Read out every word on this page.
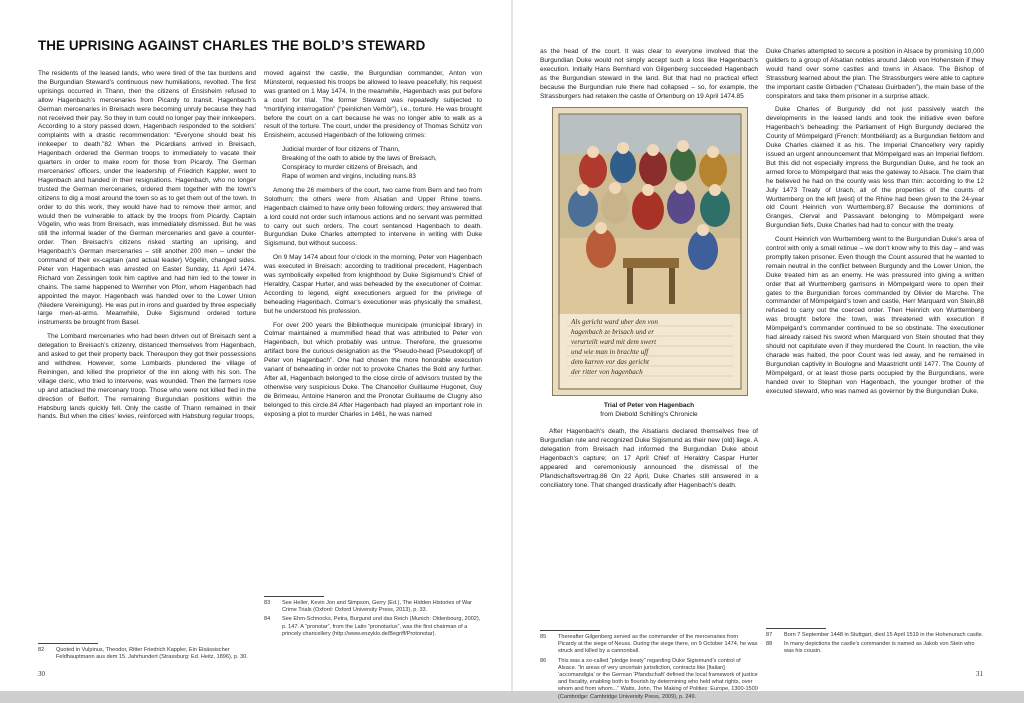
THE UPRISING AGAINST CHARLES THE BOLD’S STEWARD

The residents of the leased lands, who were tired of the tax burdens and the Burgundian Steward’s continuous new humiliations, revolted. The first uprisings occurred in Thann, then the citizens of Ensisheim refused to allow Hagenbach’s mercenaries from Picardy to transit. Hagenbach’s German mercenaries in Breisach were becoming unruly because they had not received their pay. So they in turn could no longer pay their innkeepers. According to a story passed down, Hagenbach responded to the soldiers’ complaints with a drastic recommendation: “Everyone should beat his innkeeper to death.”82 When the Picardians arrived in Breisach, Hagenbach ordered the German troops to immediately to vacate their quarters in order to make room for those from Picardy. The German mercenaries’ officers, under the leadership of Friedrich Kappler, went to Hagenbach and handed in their resignations. Hagenbach, who no longer trusted the German mercenaries, ordered them together with the town’s citizens to dig a moat around the town so as to get them out of the town. In order to do this work, they would have had to remove their armor, and would then be vulnerable to attack by the troops from Picardy. Captain Vögelin, who was from Breisach, was immediately dismissed. But he was still the informal leader of the German mercenaries and gave a counter-order. Then Breisach’s citizens risked starting an uprising, and Hagenbach’s German mercenaries – still another 200 men – under the command of their ex-captain (and actual leader) Vögelin, changed sides. Peter von Hagenbach was arrested on Easter Sunday, 11 April 1474. Richard von Zessingen took him captive and had him led to the tower in chains. The same happened to Wernher von Pforr, whom Hagenbach had appointed the mayor. Hagenbach was handed over to the Lower Union (Niedere Vereinigung). He was put in irons and guarded by three especially large men-at-arms. Meanwhile, Duke Sigismund ordered torture instruments be brought from Basel.

The Lombard mercenaries who had been driven out of Breisach sent a delegation to Breisach’s citizenry, distanced themselves from Hagenbach, and asked to get their property back. Thereupon they got their possessions and withdrew. However, some Lombards plundered the village of Reiningen, and killed the proprietor of the inn along with his son. The village cleric, who tried to intervene, was wounded. Then the farmers rose up and attacked the mercenary troop. Those who were not killed fled in the direction of Belfort. The remaining Burgundian positions within the Habsburg lands quickly fell. Only the castle of Thann remained in their hands. But when the cities’ levies, reinforced with Habsburg regular troops,

moved against the castle, the Burgundian commander, Anton von Münsterol, requested his troops be allowed to leave peacefully; his request was granted on 1 May 1474. In the meanwhile, Hagenbach was put before a court for trial. The former Steward was repeatedly subjected to “mortifying interrogation” (“peinlichen Verhör”), i.e., torture. He was brought before the court on a cart because he was no longer able to walk as a result of the torture. The court, under the presidency of Thomas Schütz von Ensisheim, accused Hagenbach of the following crimes:

Judicial murder of four citizens of Thann,
Breaking of the oath to abide by the laws of Breisach,
Conspiracy to murder citizens of Breisach, and
Rape of women and virgins, including nuns.83

Among the 26 members of the court, two came from Bern and two from Solothurn; the others were from Alsatian and Upper Rhine towns. Hagenbach claimed to have only been following orders; they answered that a lord could not order such infamous actions and no servant was permitted to carry out such orders. The court sentenced Hagenbach to death. Burgundian Duke Charles attempted to intervene in writing with Duke Sigismund, but without success.

On 9 May 1474 about four o’clock in the morning, Peter von Hagenbach was executed in Breisach: according to traditional precedent, Hagenbach was symbolically expelled from knighthood by Duke Sigismund’s Chief of Heraldry, Caspar Hurter, and was beheaded by the executioner of Colmar. According to legend, eight executioners argued for the privilege of beheading Hagenbach. Colmar’s executioner was physically the smallest, but he understood his profession.

For over 200 years the Bibliotheque municipale (municipal library) in Colmar maintained a mummified head that was attributed to Peter von Hagenbach, but which probably was untrue. Therefore, the gruesome artifact bore the curious designation as the “Pseudo-head [Pseudokopf] of Peter von Hagenbach”. One had chosen the more honorable execution variant of beheading in order not to provoke Charles the Bold any further. After all, Hagenbach belonged to the close circle of advisors trusted by the otherwise very suspicious Duke. The Chancellor Guillaume Hugonet, Guy de Brimeau, Antoine Haneron and the Pronotar Guillaume de Clugny also belonged to this circle.84 After Hagenbach had played an important role in exposing a plot to murder Charles in 1461, he was named

as the head of the court. It was clear to everyone involved that the Burgundian Duke would not simply accept such a loss like Hagenbach’s execution. Initially Hans Bernhard von Gilgenberg succeeded Hagenbach as the Burgundian steward in the land. But that had no practical effect because the Burgundian rule there had collapsed – so, for example, the Strassburgers had retaken the castle of Ortenburg on 19 April 1474.85

Als gericht ward uber den von
hagenbach ze brisach und er
verurteilt ward mit dem swert
und wie man in brachte uff
dem karren vor das gericht
der ritter von hagenbach
Trial of Peter von Hagenbach
from Diebold Schilling’s Chronicle

After Hagenbach’s death, the Alsatians declared themselves free of Burgundian rule and recognized Duke Sigismund as their new (old) liege. A delegation from Breisach had informed the Burgundian Duke about Hagenbach’s capture; on 17 April Chief of Heraldry Caspar Hurter appeared and ceremoniously announced the dismissal of the Pfandschaftsvertrag.86 On 22 April, Duke Charles still answered in a conciliatory tone. That changed drastically after Hagenbach’s death.

Duke Charles attempted to secure a position in Alsace by promising 10,000 guilders to a group of Alsatian nobles around Jakob von Hohenstein if they would hand over some castles and towns in Alsace. The Bishop of Strassburg learned about the plan. The Strassburgers were able to capture the important castle Girbaden (“Chateau Guirbaden”), the main base of the conspirators and take them prisoner in a surprise attack.

Duke Charles of Burgundy did not just passively watch the developments in the leased lands and took the initiative even before Hagenbach’s beheading: the Parliament of High Burgundy declared the County of Mömpelgard (French: Montbéliard) as a Burgundian fiefdom and Duke Charles claimed it as his. The Imperial Chancellery very rapidly issued an urgent announcement that Mömpelgard was an Imperial fiefdom. But this did not especially impress the Burgundian Duke, and he took an armed force to Mömpelgard that was the gateway to Alsace. The claim that he believed he had on the county was less than thin: according to the 12 July 1473 Treaty of Urach, all of the properties of the counts of Wurttemberg on the left [west] of the Rhine had been given to the 24-year old Count Heinrich von Wurttemberg.87 Because the dominions of Granges, Clerval and Passavant belonging to Mömpelgard were Burgundian fiefs, Duke Charles had had to concur with the treaty.

Count Heinrich von Wurttemberg went to the Burgundian Duke’s area of control with only a small retinue – we don’t know why to this day – and was promptly taken prisoner. Even though the Count assured that he wanted to remain neutral in the conflict between Burgundy and the Lower Union, the Duke treated him as an enemy. He was pressured into giving a written order that all Wurttemberg garrisons in Mömpelgard were to open their gates to the Burgundian forces commanded by Olivier de Marche. The commander of Mömpelgard’s town and castle, Herr Marquard von Stein,88 refused to carry out the coerced order. Then Heinrich von Wurttemberg was brought before the town, was threatened with execution if Mömpelgard’s commander continued to be so obstinate. The executioner had already raised his sword when Marquard von Stein shouted that they should not capitulate even if they murdered the Count. In reaction, the vile charade was halted, the poor Count was led away, and he remained in Burgundian captivity in Boulogne and Maastricht until 1477. The County of Mömpelgard, or at least those parts occupied by the Burgundians, were handed over to Stephan von Hagenbach, the younger brother of the executed steward, who was named as governor by the Burgundian Duke.

82	Quoted in Vulpinus, Theodor, Ritter Friedrich Kappler, Ein Elsässischer Feldhauptmann aus dem 15. Jahrhundert (Strassburg: Ed. Heitz, 1896), p. 30.
83	See Heller, Kevin Jon and Simpson, Gerry (Ed.), The Hidden Histories of War Crime Trials (Oxford: Oxford University Press, 2013), p. 33.
84	See Ehm-Schnocks, Petra, Burgund und das Reich (Munich: Oldenbourg, 2002), p. 147. A “pronotar”, from the Latin “pronotarius”, was the first chairman of a princely chancellery (http://www.enzyklo.de/Begriff/Protonotar).
85	Thereafter Gilgenberg served as the commander of the mercenaries from Picardy at the siege of Neuss. During the siege there, on 9 October 1474, he was struck and killed by a cannonball.
86	This was a so-called “pledge treaty” regarding Duke Sigismund’s control of Alsace. “In areas of very uncertain jurisdiction, contracts like [Italian] ‘accomandigia’ or the German ‘Pfandschaft’ defined the local framework of justice and fiscality, enabling both to flourish by determining who held what rights, over whom and from whom...” Watts, John, The Making of Polities: Europe, 1300-1500 (Cambridge: Cambridge University Press, 2009), p. 249.
87	Born 7 September 1448 in Stuttgart, died 15 April 1519 in the Hohenurach castle.
88	In many depictions the castle’s commander is named as Jakob von Stein who was his cousin.
30	31
